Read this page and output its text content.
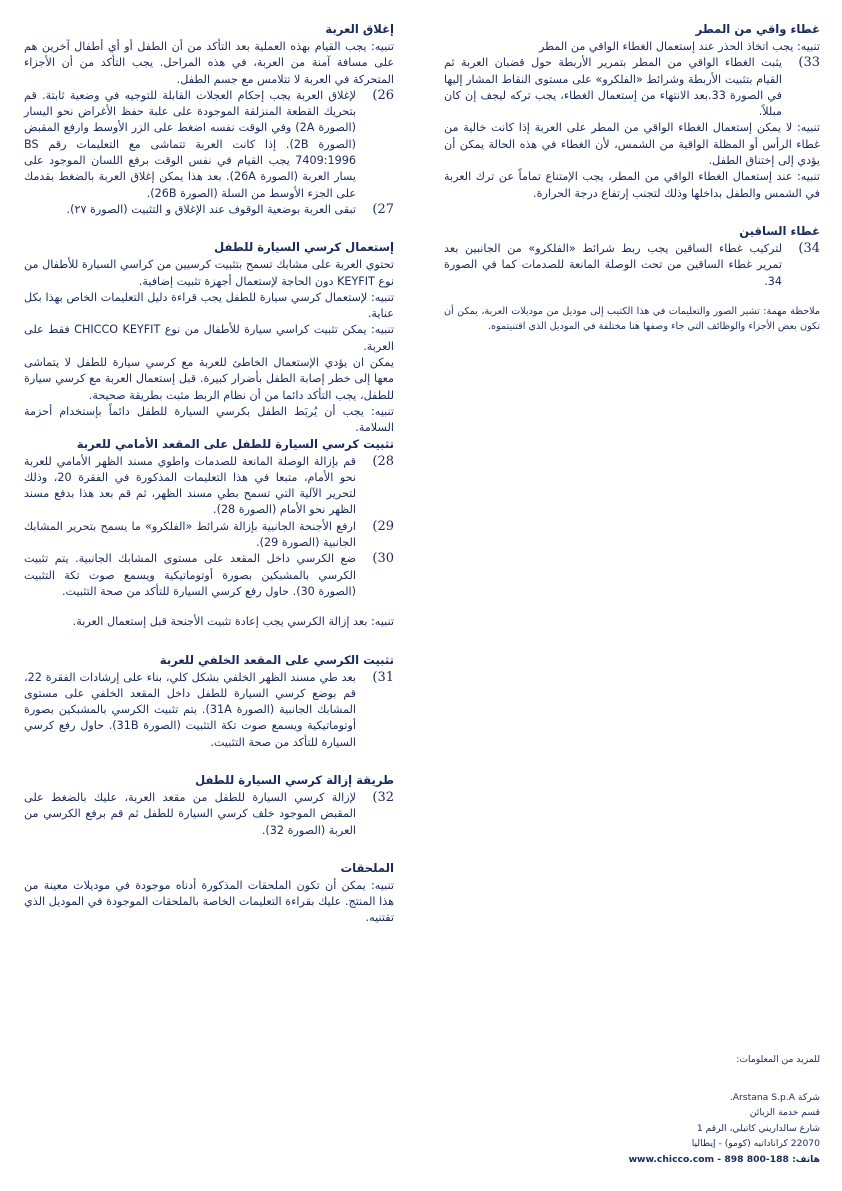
غطاء واقي من المطر

تنبيه: يجب اتخاذ الحذر عند إستعمال الغطاء الواقي من المطر

33)
يثبت الغطاء الواقي من المطر بتمرير الأربطة حول قضبان العربة ثم القيام بتثبيت الأربطة وشرائط «الفلكرو» على مستوى النقاط المشار إليها في الصورة 33.بعد الانتهاء من إستعمال الغطاء، يجب تركه ليجف إن كان مبللاً.

تنبيه: لا يمكن إستعمال الغطاء الواقي من المطر على العربة إذا كانت خالية من غطاء الرأس أو المظلة الواقية من الشمس، لأن الغطاء في هذه الحالة يمكن أن يؤدي إلى إختناق الطفل.

تنبيه: عند إستعمال الغطاء الواقي من المطر، يجب الإمتناع تماماً عن ترك العربة في الشمس والطفل بداخلها وذلك لتجنب إرتفاع درجة الحرارة.

غطاء الساقين
34)
لتركيب غطاء الساقين يجب ربط شرائط «الفلكرو» من الجانبين بعد تمرير غطاء الساقين من تحت الوصلة المانعة للصدمات كما في الصورة 34.

ملاحظة مهمة: تشير الصور والتعليمات في هذا الكتيب إلى موديل من موديلات العربة، يمكن أن تكون بعض الأجزاء والوظائف التي جاء وصفها هنا مختلفة في الموديل الذي اقتنيتموه.

إغلاق العربة

تنبيه: يجب القيام بهذه العملية بعد التأكد من أن الطفل أو أي أطفال آخرين هم على مسافة آمنة من العربة، في هذه المراحل. يجب التأكد من أن الأجزاء المتحركة في العربة لا تتلامس مع جسم الطفل.

26)
لإغلاق العربة يجب إحكام العجلات القابلة للتوجيه في وضعية ثابتة. قم بتحريك القطعة المنزلقة الموجودة على علبة حفظ الأغراض نحو اليسار (الصورة 2A) وفي الوقت نفسه اضغط على الزر الأوسط وارفع المقبض (الصورة 2B). إذا كانت العربة تتماشى مع التعليمات رقم BS 7409:1996 يجب القيام في نفس الوقت برفع اللسان الموجود على يسار العربة (الصورة 26A). بعد هذا يمكن إغلاق العربة بالضغط بقدمك على الجزء الأوسط من السلة (الصورة 26B).
27)
تبقى العربة بوضعية الوقوف عند الإغلاق و التثبيت (الصورة ٢٧).
إستعمال كرسي السيارة للطفل

تحتوي العربة على مشابك تسمح بتثبيت كرسيين من كراسي السيارة للأطفال من نوع KEYFIT دون الحاجة لإستعمال أجهزة تثبيت إضافية.

تنبيه: لإستعمال كرسي سيارة للطفل يجب قراءة دليل التعليمات الخاص بهذا بكل عناية.

تنبيه: يمكن تثبيت كراسي سيارة للأطفال من نوع CHICCO KEYFIT فقط على العربة.

يمكن ان يؤدي الإستعمال الخاطئ للعربة مع كرسي سيارة للطفل لا يتماشى معها إلى خطر إصابة الطفل بأضرار كبيرة. قبل إستعمال العربة مع كرسي سيارة للطفل، يجب التأكد دائما من أن نظام الربط مثبت بطريقة صحيحة.

تنبيه: يجب أن يُربَط الطفل بكرسي السيارة للطفل دائماً بإستخدام أحزمة السلامة.

تثبيت كرسي السيارة للطفل على المقعد الأمامي للعربة
28)
قم بإزالة الوصلة المانعة للصدمات واطوي مسند الظهر الأمامي للعربة نحو الأمام، متبعا في هذا التعليمات المذكورة في الفقرة 20، وذلك لتحرير الآلية التي تسمح بطي مسند الظهر، ثم قم بعد هذا بدفع مسند الظهر نحو الأمام (الصورة 28).
29)
ارفع الأجنحة الجانبية بإزالة شرائط «الفلكرو» ما يسمح بتحرير المشابك الجانبية (الصورة 29).
30)
ضع الكرسي داخل المقعد على مستوى المشابك الجانبية. يتم تثبيت الكرسي بالمشبكين بصورة أوتوماتيكية ويسمع صوت تكة التثبيت (الصورة 30). حاول رفع كرسي السيارة للتأكد من صحة التثبيت.

تنبيه: بعد إزالة الكرسي يجب إعادة تثبيت الأجنحة قبل إستعمال العربة.

تثبيت الكرسي على المقعد الخلفي للعربة
31)
بعد طي مسند الظهر الخلفي بشكل كلي، بناء على إرشادات الفقرة 22، قم بوضع كرسي السيارة للطفل داخل المقعد الخلفي على مستوى المشابك الجانبية (الصورة 31A). يتم تثبيت الكرسي بالمشبكين بصورة أوتوماتيكية ويسمع صوت تكة التثبيت (الصورة 31B). حاول رفع كرسي السيارة للتأكد من صحة التثبيت.
طريقة إزالة كرسي السيارة للطفل
32)
لإزالة كرسي السيارة للطفل من مقعد العربة، عليك بالضغط على المقبض الموجود خلف كرسي السيارة للطفل ثم قم برفع الكرسي من العربة (الصورة 32).
الملحقات

تنبيه: يمكن أن تكون الملحقات المذكورة أدناه موجودة في موديلات معينة من هذا المنتج. عليك بقراءة التعليمات الخاصة بالملحقات الموجودة في الموديل الذي تقتنيه.

للمزيد من المعلومات:

شركة Arstana S.p.A.

قسم خدمة الزبائن

شارع سالداريني كاتيلي، الرقم 1

22070 كراناداتيه (كومو) - إيطاليا

هاتف: 188-800 898 - www.chicco.com
